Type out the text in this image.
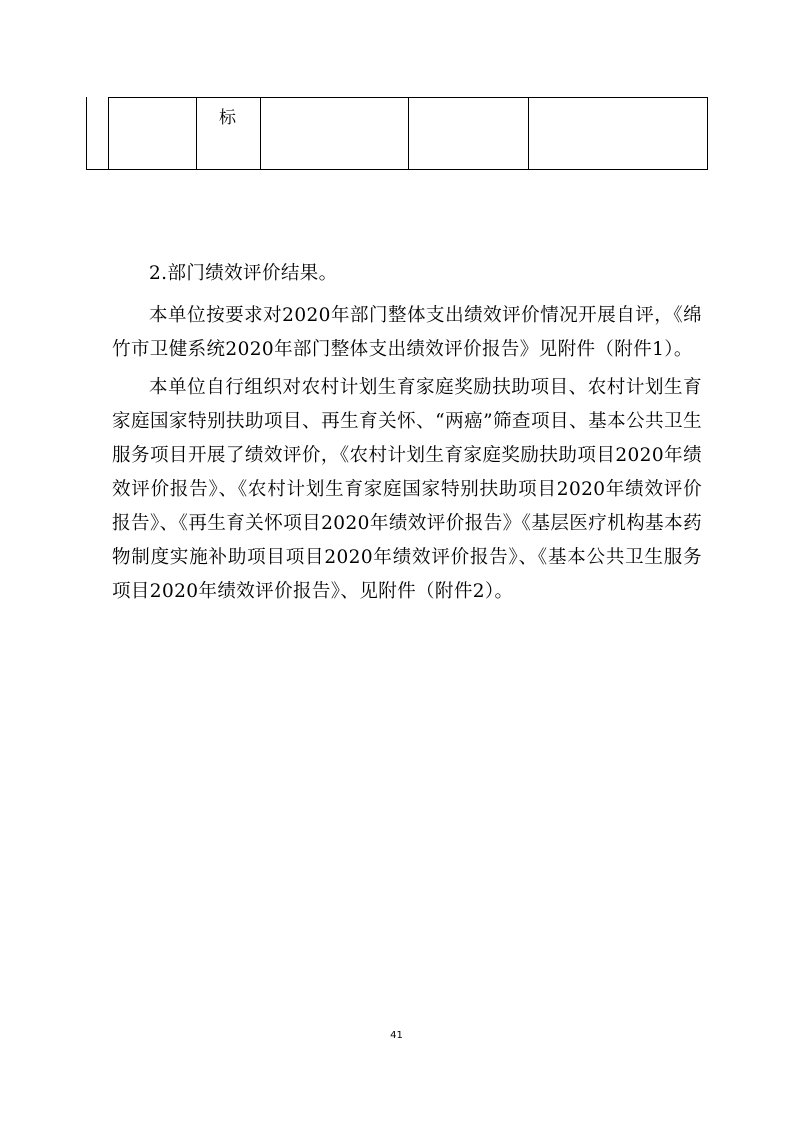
标

2.部门绩效评价结果。

本单位按要求对2020年部门整体支出绩效评价情况开展自评，《绵竹市卫健系统2020年部门整体支出绩效评价报告》见附件（附件1）。

本单位自行组织对农村计划生育家庭奖励扶助项目、农村计划生育家庭国家特别扶助项目、再生育关怀、“两癌”筛查项目、基本公共卫生服务项目开展了绩效评价，《农村计划生育家庭奖励扶助项目2020年绩效评价报告》、《农村计划生育家庭国家特别扶助项目2020年绩效评价报告》、《再生育关怀项目2020年绩效评价报告》《基层医疗机构基本药物制度实施补助项目项目2020年绩效评价报告》、《基本公共卫生服务项目2020年绩效评价报告》、见附件（附件2）。

41
